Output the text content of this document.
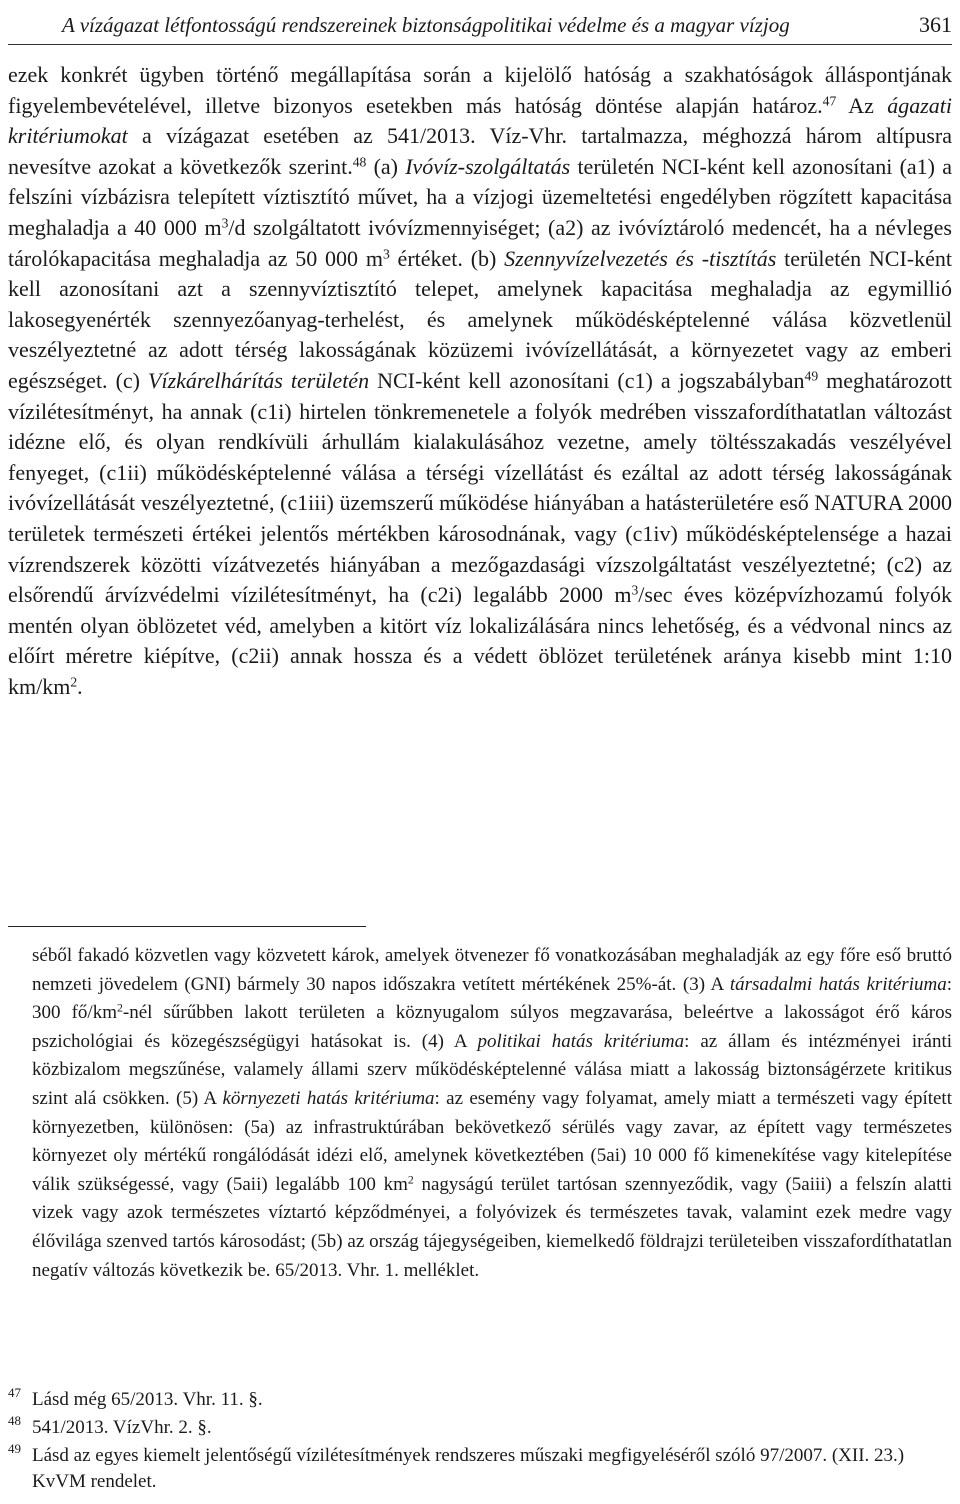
A vízágazat létfontosságú rendszereinek biztonságpolitikai védelme és a magyar vízjog	361

ezek konkrét ügyben történő megállapítása során a kijelölő hatóság a szakhatóságok álláspontjának figyelembevételével, illetve bizonyos esetekben más hatóság döntése alapján határoz.$^{47}$ Az ágazati kritériumokat a vízágazat esetében az 541/2013. Víz-Vhr. tartalmazza, méghozzá három altípusra nevesítve azokat a következők szerint.$^{48}$ (a) Ivóvíz-szolgáltatás területén NCI-ként kell azonosítani (a1) a felszíni vízbázisra telepített víztisztító művet, ha a vízjogi üzemeltetési engedélyben rögzített kapacitása meghaladja a 40 000 $m^3/d$ szolgáltatott ivóvízmennyiséget; (a2) az ivóvíztároló medencét, ha a névleges tárolókapacitása meghaladja az 50 000 $m^3$ értéket. (b) Szennyvízelvezetés és -tisztítás területén NCI-ként kell azonosítani azt a szennyvíztisztító telepet, amelynek kapacitása meghaladja az egymillió lakosegyenérték szennyezőanyag-terhelést, és amelynek működésképtelenné válása közvetlenül veszélyeztetné az adott térség lakosságának közüzemi ivóvízellátását, a környezetet vagy az emberi egészséget. (c) Vízkárelhárítás területén NCI-ként kell azonosítani (c1) a jogszabályban$^{49}$ meghatározott vízilétesítményt, ha annak (c1i) hirtelen tönkremenetele a folyók medrében visszafordíthatatlan változást idézne elő, és olyan rendkívüli árhullám kialakulásához vezetne, amely töltésszakadás veszélyével fenyeget, (c1ii) működésképtelenné válása a térségi vízellátást és ezáltal az adott térség lakosságának ivóvízellátását veszélyeztetné, (c1iii) üzemszerű működése hiányában a hatásterületére eső NATURA 2000 területek természeti értékei jelentős mértékben károsodnának, vagy (c1iv) működésképtelensége a hazai vízrendszerek közötti vízátvezetés hiányában a mezőgazdasági vízszolgáltatást veszélyeztetné; (c2) az elsőrendű árvízvédelmi vízilétesítményt, ha (c2i) legalább 2000 $m^3/\sec$ éves középvízhozamú folyók mentén olyan öblözetet véd, amelyben a kitört víz lokalizálására nincs lehetőség, és a védvonal nincs az előírt méretre kiépítve, (c2ii) annak hossza és a védett öblözet területének aránya kisebb mint 1:10 $km/km^2$.

séből fakadó közvetlen vagy közvetett károk, amelyek ötvenezer fő vonatkozásában meghaladják az egy főre eső bruttó nemzeti jövedelem (GNI) bármely 30 napos időszakra vetített mértékének 25%-át. (3) A társadalmi hatás kritériuma: 300 $fő/km^2$-nél sűrűbben lakott területen a köznyugalom súlyos megzavarása, beleértve a lakosságot érő káros pszichológiai és közegészségügyi hatásokat is. (4) A politikai hatás kritériuma: az állam és intézményei iránti közbizalom megszűnése, valamely állami szerv működésképtelenné válása miatt a lakosság biztonságérzete kritikus szint alá csökken. (5) A környezeti hatás kritériuma: az esemény vagy folyamat, amely miatt a természeti vagy épített környezetben, különösen: (5a) az infrastruktúrában bekövetkező sérülés vagy zavar, az épített vagy természetes környezet oly mértékű rongálódását idézi elő, amelynek következtében (5ai) 10 000 fő kimenekítése vagy kitelepítése válik szükségessé, vagy (5aii) legalább 100 $km^2$ nagyságú terület tartósan szennyeződik, vagy (5aiii) a felszín alatti vizek vagy azok természetes víztartó képződményei, a folyóvizek és természetes tavak, valamint ezek medre vagy élővilága szenved tartós károsodást; (5b) az ország tájegységeiben, kiemelkedő földrajzi területeiben visszafordíthatatlan negatív változás következik be. 65/2013. Vhr. 1. melléklet.

47 Lásd még 65/2013. Vhr. 11. §.

48 541/2013. VízVhr. 2. §.

49 Lásd az egyes kiemelt jelentőségű vízilétesítmények rendszeres műszaki megfigyeléséről szóló 97/2007. (XII. 23.) KvVM rendelet.
